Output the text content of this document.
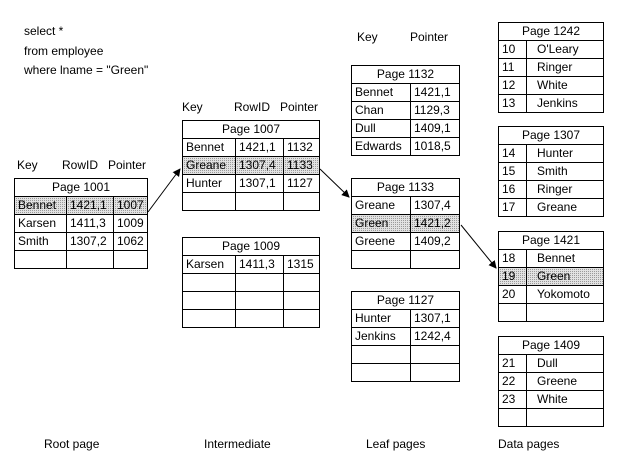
select *
from employee
where lname = "Green"
Key RowID Pointer
Page 1001		
Bennet	1421,1	1007
Karsen	1411,3	1009
Smith	1307,2	1062

Key	RowID Pointer
Page 1007		
Bennet	1421,1	1132
Greane	1307,4	1133
Hunter	1307,1	1127

Page 1009		
Karsen	1411,3	1315

Key	Pointer
Page 1132	
Bennet	1421,1
Chan	1129,3
Dull	1409,1
Edwards	1018,5
Page 1133	
Greane	1307,4
Green	1421,2
Greene	1409,2

Page 1127	
Hunter	1307,1
Jenkins	1242,4

Page 1242	
10	O'Leary
11	Ringer
12	White
13	Jenkins
Page 1307	
14	Hunter
15	Smith
16	Ringer
17	Greane
Page 1421	
18	Bennet
19	Green
20	Yokomoto

Page 1409	
21	Dull
22	Greene
23	White

Root page	Intermediate	Leaf pages	Data pages
